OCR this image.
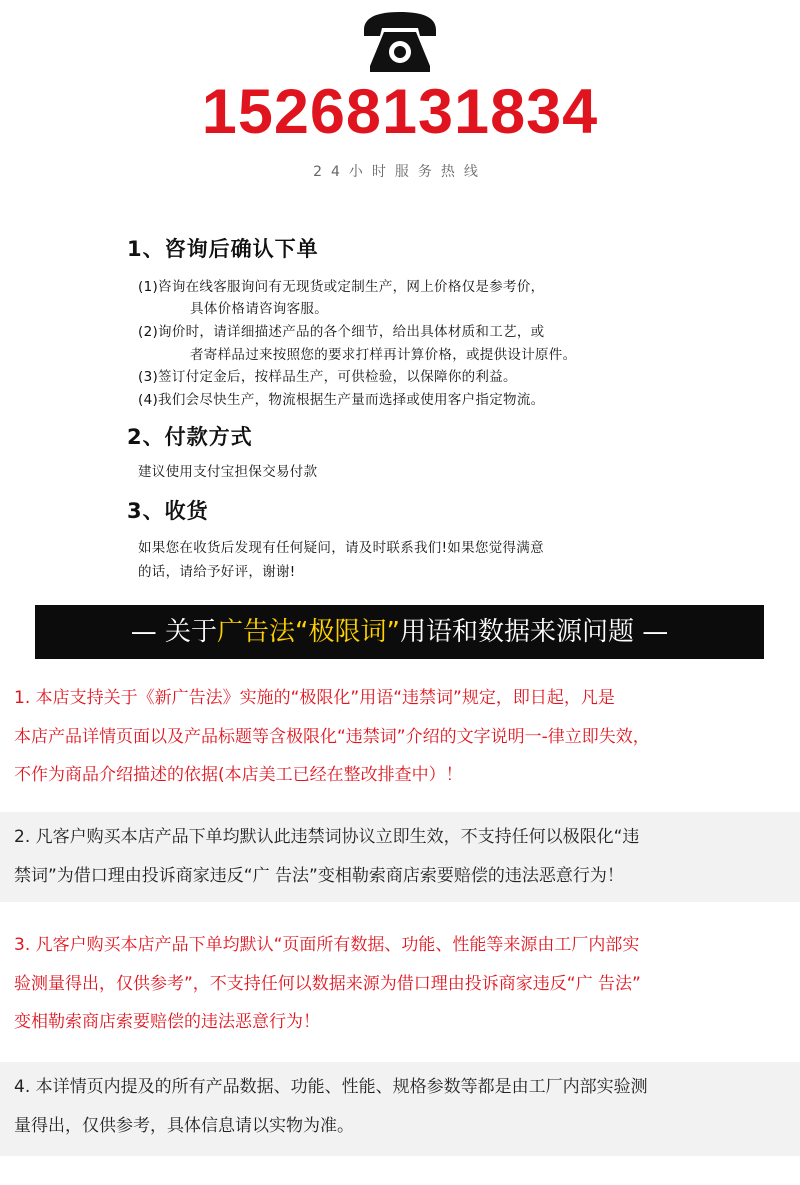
15268131834
24小时服务热线
1、咨询后确认下单
(1)咨询在线客服询问有无现货或定制生产，网上价格仅是参考价，
具体价格请咨询客服。
(2)询价时，请详细描述产品的各个细节，给出具体材质和工艺，或
者寄样品过来按照您的要求打样再计算价格，或提供设计原件。
(3)签订付定金后，按样品生产，可供检验，以保障你的利益。
(4)我们会尽快生产，物流根据生产量而选择或使用客户指定物流。
2、付款方式
建议使用支付宝担保交易付款
3、收货
如果您在收货后发现有任何疑问，请及时联系我们!如果您觉得满意
的话，请给予好评，谢谢!
— 关于广告法“极限词”用语和数据来源问题 —
1. 本店支持关于《新广告法》实施的“极限化”用语“违禁词”规定，即日起，凡是
本店产品详情页面以及产品标题等含极限化“违禁词”介绍的文字说明一-律立即失效，
不作为商品介绍描述的依据(本店美工已经在整改排查中）！
2. 凡客户购买本店产品下单均默认此违禁词协议立即生效，不支持任何以极限化“违
禁词”为借口理由投诉商家违反“广 告法”变相勒索商店索要赔偿的违法恶意行为！
3. 凡客户购买本店产品下单均默认“页面所有数据、功能、性能等来源由工厂内部实
验测量得出，仅供参考”，不支持任何以数据来源为借口理由投诉商家违反“广 告法”
变相勒索商店索要赔偿的违法恶意行为！
4. 本详情页内提及的所有产品数据、功能、性能、规格参数等都是由工厂内部实验测
量得出，仅供参考，具体信息请以实物为准。
